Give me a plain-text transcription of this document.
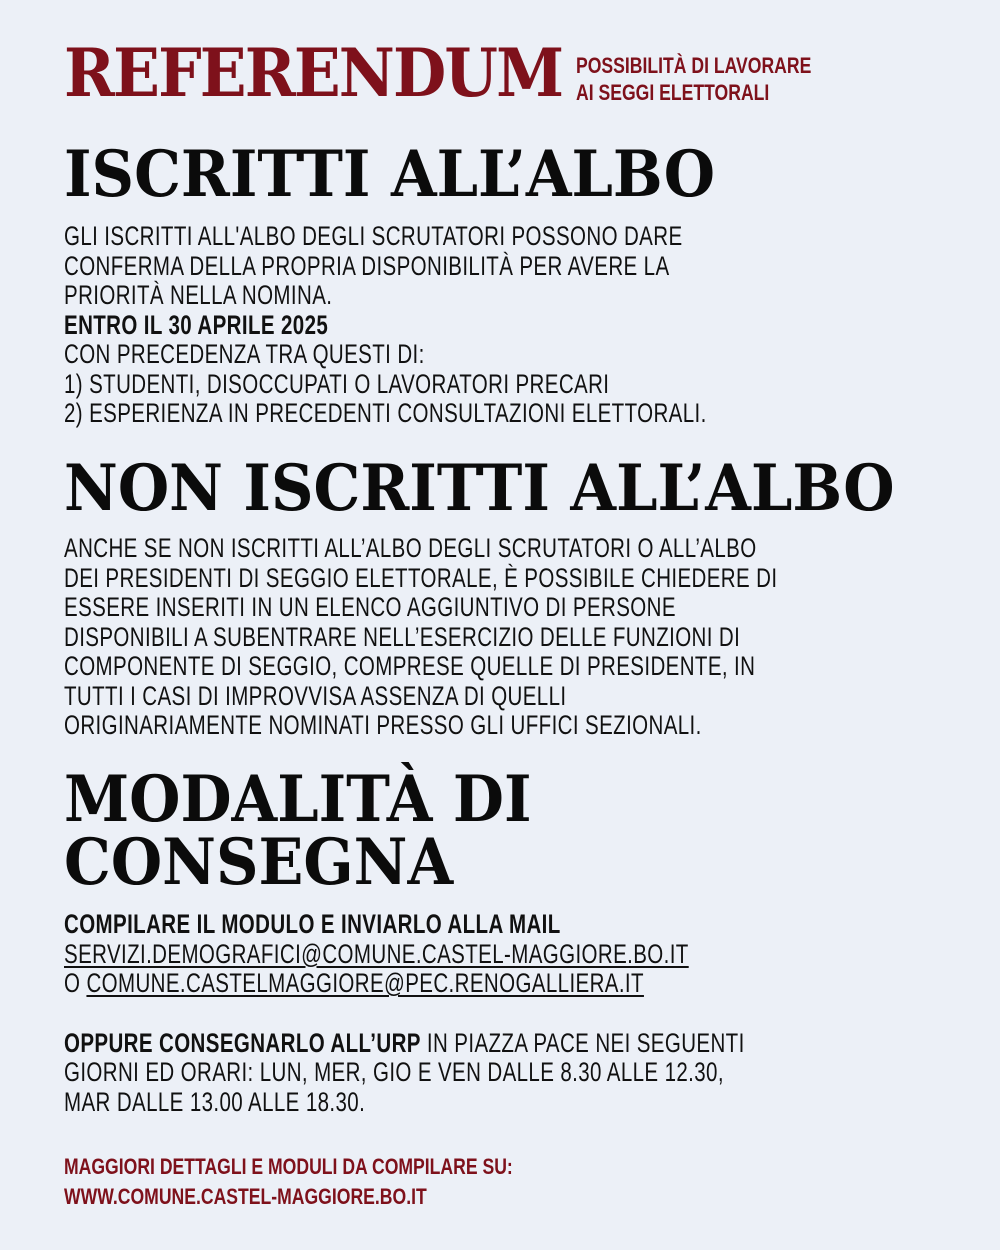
REFERENDUM POSSIBILITÀ DI LAVORARE
AI SEGGI ELETTORALI
ISCRITTI ALL’ALBO
GLI ISCRITTI ALL'ALBO DEGLI SCRUTATORI POSSONO DARE
CONFERMA DELLA PROPRIA DISPONIBILITÀ PER AVERE LA
PRIORITÀ NELLA NOMINA.
ENTRO IL 30 APRILE 2025
CON PRECEDENZA TRA QUESTI DI:
1) STUDENTI, DISOCCUPATI O LAVORATORI PRECARI
2) ESPERIENZA IN PRECEDENTI CONSULTAZIONI ELETTORALI.
NON ISCRITTI ALL’ALBO
ANCHE SE NON ISCRITTI ALL’ALBO DEGLI SCRUTATORI O ALL’ALBO
DEI PRESIDENTI DI SEGGIO ELETTORALE, È POSSIBILE CHIEDERE DI
ESSERE INSERITI IN UN ELENCO AGGIUNTIVO DI PERSONE
DISPONIBILI A SUBENTRARE NELL’ESERCIZIO DELLE FUNZIONI DI
COMPONENTE DI SEGGIO, COMPRESE QUELLE DI PRESIDENTE, IN
TUTTI I CASI DI IMPROVVISA ASSENZA DI QUELLI
ORIGINARIAMENTE NOMINATI PRESSO GLI UFFICI SEZIONALI.
MODALITÀ DI
CONSEGNA
COMPILARE IL MODULO E INVIARLO ALLA MAIL
SERVIZI.DEMOGRAFICI@COMUNE.CASTEL-MAGGIORE.BO.IT
O COMUNE.CASTELMAGGIORE@PEC.RENOGALLIERA.IT
OPPURE CONSEGNARLO ALL’URP IN PIAZZA PACE NEI SEGUENTI
GIORNI ED ORARI: LUN, MER, GIO E VEN DALLE 8.30 ALLE 12.30,
MAR DALLE 13.00 ALLE 18.30.
MAGGIORI DETTAGLI E MODULI DA COMPILARE SU:
WWW.COMUNE.CASTEL-MAGGIORE.BO.IT
